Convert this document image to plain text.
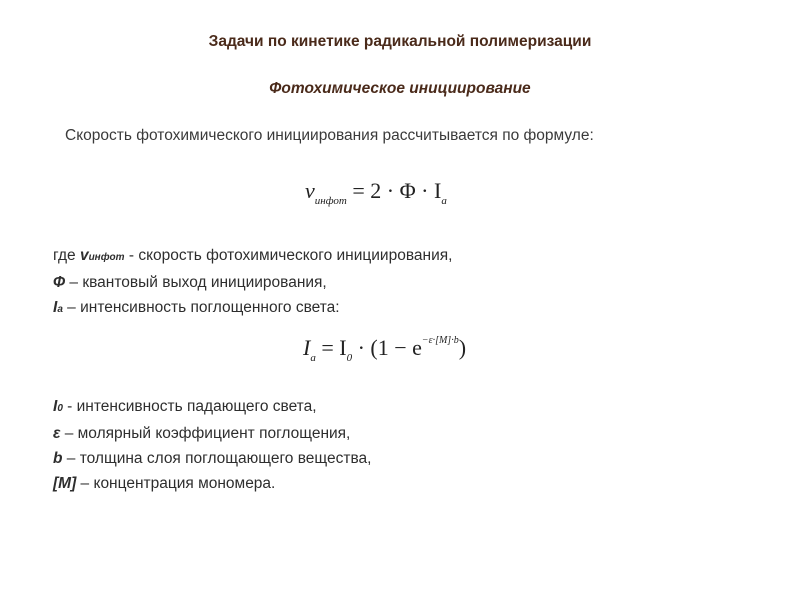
Задачи по кинетике радикальной полимеризации
Фотохимическое инициирование
Скорость фотохимического инициирования рассчитывается по формуле:
$\nu_{инфот} = 2 \cdot \Phi \cdot I_а$
где vинфот - скорость фотохимического инициирования,
Ф – квантовый выход инициирования,
Iа – интенсивность поглощенного света:
$I_а = I_0 \cdot (1 - e^{-\varepsilon\cdot[M]\cdot b})$
I0 - интенсивность падающего света,
ε – молярный коэффициент поглощения,
b – толщина слоя поглощающего вещества,
[M] – концентрация мономера.
